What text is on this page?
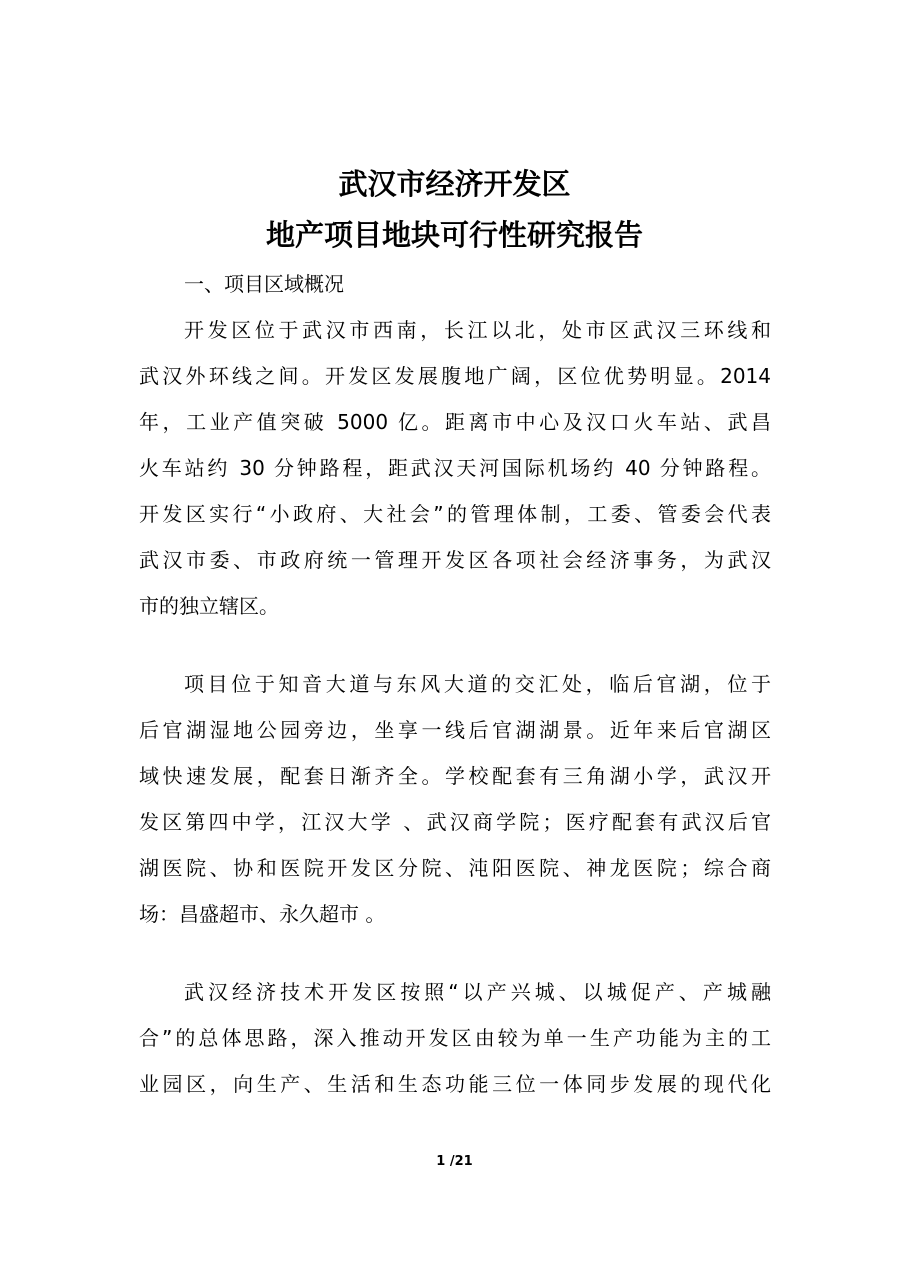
武汉市经济开发区
地产项目地块可行性研究报告
一、项目区域概况
开发区位于武汉市西南，长江以北，处市区武汉三环线和
武汉外环线之间。开发区发展腹地广阔，区位优势明显。2014
年，工业产值突破 5000 亿。距离市中心及汉口火车站、武昌
火车站约 30 分钟路程，距武汉天河国际机场约 40 分钟路程。
开发区实行“小政府、大社会”的管理体制，工委、管委会代表
武汉市委、市政府统一管理开发区各项社会经济事务，为武汉
市的独立辖区。
项目位于知音大道与东风大道的交汇处，临后官湖，位于
后官湖湿地公园旁边，坐享一线后官湖湖景。近年来后官湖区
域快速发展，配套日渐齐全。学校配套有三角湖小学，武汉开
发区第四中学，江汉大学 、武汉商学院；医疗配套有武汉后官
湖医院、协和医院开发区分院、沌阳医院、神龙医院；综合商
场：昌盛超市、永久超市 。
武汉经济技术开发区按照“以产兴城、以城促产、产城融
合”的总体思路，深入推动开发区由较为单一生产功能为主的工
业园区，向生产、生活和生态功能三位一体同步发展的现代化
1 /21
